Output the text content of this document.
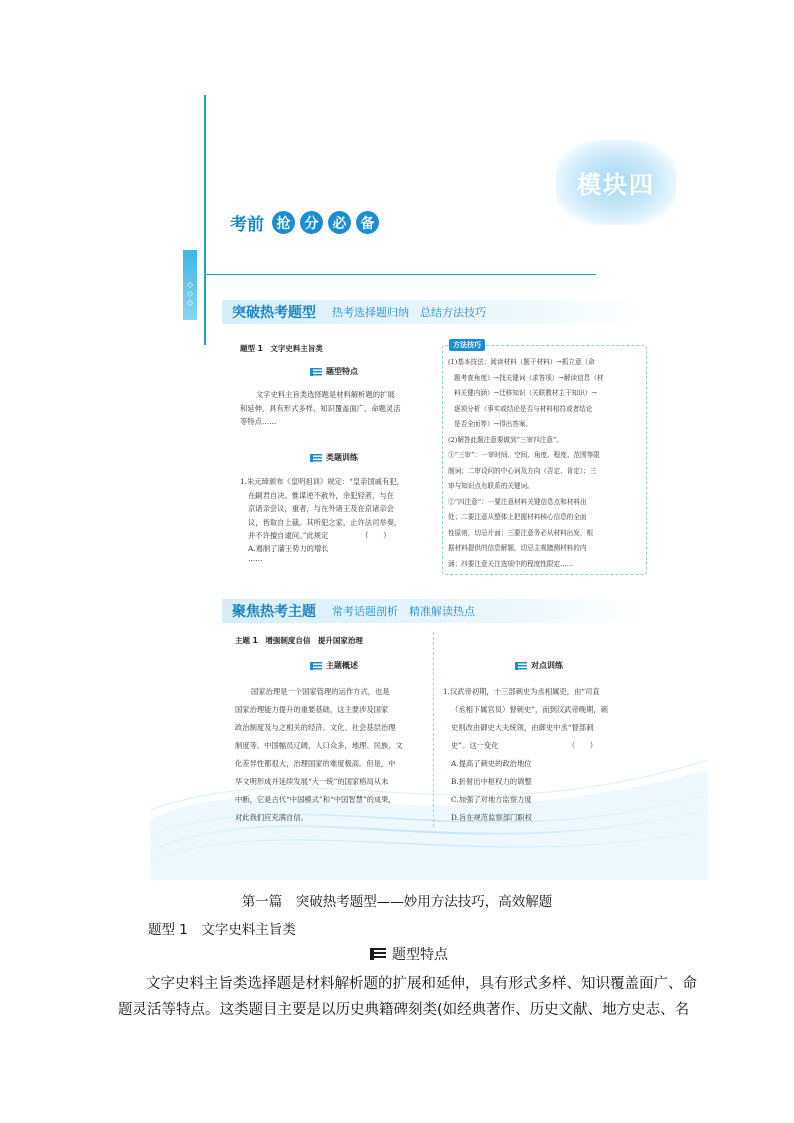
◇
◇
◇
模块四
考前 抢	分	必	备
突破热考题型 热考选择题归纳　总结方法技巧
题型 1　文字史料主旨类
题型特点
文字史料主旨类选择题是材料解析题的扩展
和延伸，具有形式多样、知识覆盖面广、命题灵活
等特点……
类题训练
1.朱元璋颁布《皇明祖训》规定：“皇亲国戚有犯，
在嗣君自决。惟谋逆不赦外，余犯轻者，与在
京诸亲会议，重者，与在外诸王及在京诸亲会
议，皆取自上裁。其所犯之家，止许法司举奏，
并不许擅自逮问。”此规定　　　　　（　　）
A.遏制了藩王势力的增长
……
方法技巧
(1)基本技法：阅读材料（题干材料）→抓立意（命
题考查角度）→找关键词（求答项）→解读信息（材
料关键内涵）→迁移知识（关联教材主干知识）→
逐项分析（事实或结论是否与材料相符或者结论
是否全面等）→得出答案。
(2)解答此题注意要做到“三审四注意”。
①“三审”：一审时间、空间、角度、程度、范围等限
制词；二审设问的中心词及方向（否定、肯定）；三
审与知识点有联系的关键词。
②“四注意”：一要注意材料关键信息点和材料出
处；二要注意从整体上把握材料核心信息的全面
性原则，切忌片面；三要注意务必从材料出发，根
据材料提供的信息解题，切忌主观臆测材料的内
涵；四要注意关注选项中的程度性限定……
聚焦热考主题 常考话题剖析　精准解读热点
主题 1　增强制度自信　提升国家治理
主题概述
国家治理是一个国家管理的运作方式，也是
国家治理能力提升的重要基础，这主要涉及国家
政治制度及与之相关的经济、文化、社会基层治理
制度等。中国幅员辽阔，人口众多，地理、民族、文
化差异性都很大，治理国家的难度极高。但是，中
华文明形成并延续发展“大一统”的国家格局从未
中断，它是古代“中国模式”和“中国智慧”的成果，
对此我们应充满自信。
对点训练
1.汉武帝初期，十三部刺史为丞相属吏，由“司直
（丞相下属官员）督刺史”，而到汉武帝晚期，刺
史则改由御史大夫统领，由御史中丞“督部刺
史”。这一变化　　　　　　　　　　（　　）
A.提高了刺史的政治地位
B.折射出中枢权力的调整
C.加强了对地方监察力度
D.旨在规范监察部门职权
第一篇　突破热考题型——妙用方法技巧，高效解题
题型 1　文字史料主旨类
题型特点
文字史料主旨类选择题是材料解析题的扩展和延伸，具有形式多样、知识覆盖面广、命
题灵活等特点。这类题目主要是以历史典籍碑刻类(如经典著作、历史文献、地方史志、名
